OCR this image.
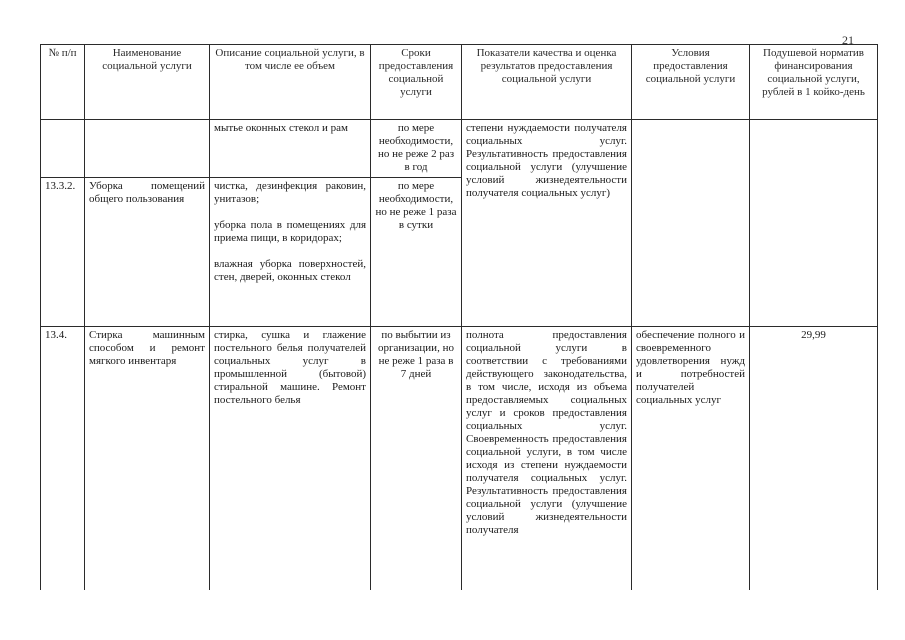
21
№ п/п	Наименование социальной услуги	Описание социальной услуги, в том числе ее объем	Сроки предоставления социальной услуги	Показатели качества и оценка результатов предоставления социальной услуги	Условия предоставления социальной услуги	Подушевой норматив финансирования социальной услуги, рублей в 1 койко-день

		мытье оконных стекол и рам	по мере необходимости, но не реже 2 раз в год	степени нуждаемости получателя социальных услуг. Результативность предоставления социальной услуги (улучшение условий жизнедеятельности получателя социальных услуг)		
13.3.2.	Уборка помещений общего пользования	чистка, дезинфекция раковин, унитазов;

уборка пола в помещениях для приема пищи, в коридорах;

влажная уборка поверхностей, стен, дверей, оконных стекол	по мере необходимости, но не реже 1 раза в сутки			
13.4.	Стирка машинным способом и ремонт мягкого инвентаря	стирка, сушка и глажение постельного белья получателей социальных услуг в промышленной (бытовой) стиральной машине. Ремонт постельного белья	по выбытии из организации, но не реже 1 раза в 7 дней	полнота предоставления социальной услуги в соответствии с требованиями действующего законодательства, в том числе, исходя из объема предоставляемых социальных услуг и сроков предоставления социальных услуг. Своевременность предоставления социальной услуги, в том числе исходя из степени нуждаемости получателя социальных услуг. Результативность предоставления социальной услуги (улучшение условий жизнедеятельности получателя	обеспечение полного и своевременного удовлетворения нужд и потребностей получателей социальных услуг	29,99
